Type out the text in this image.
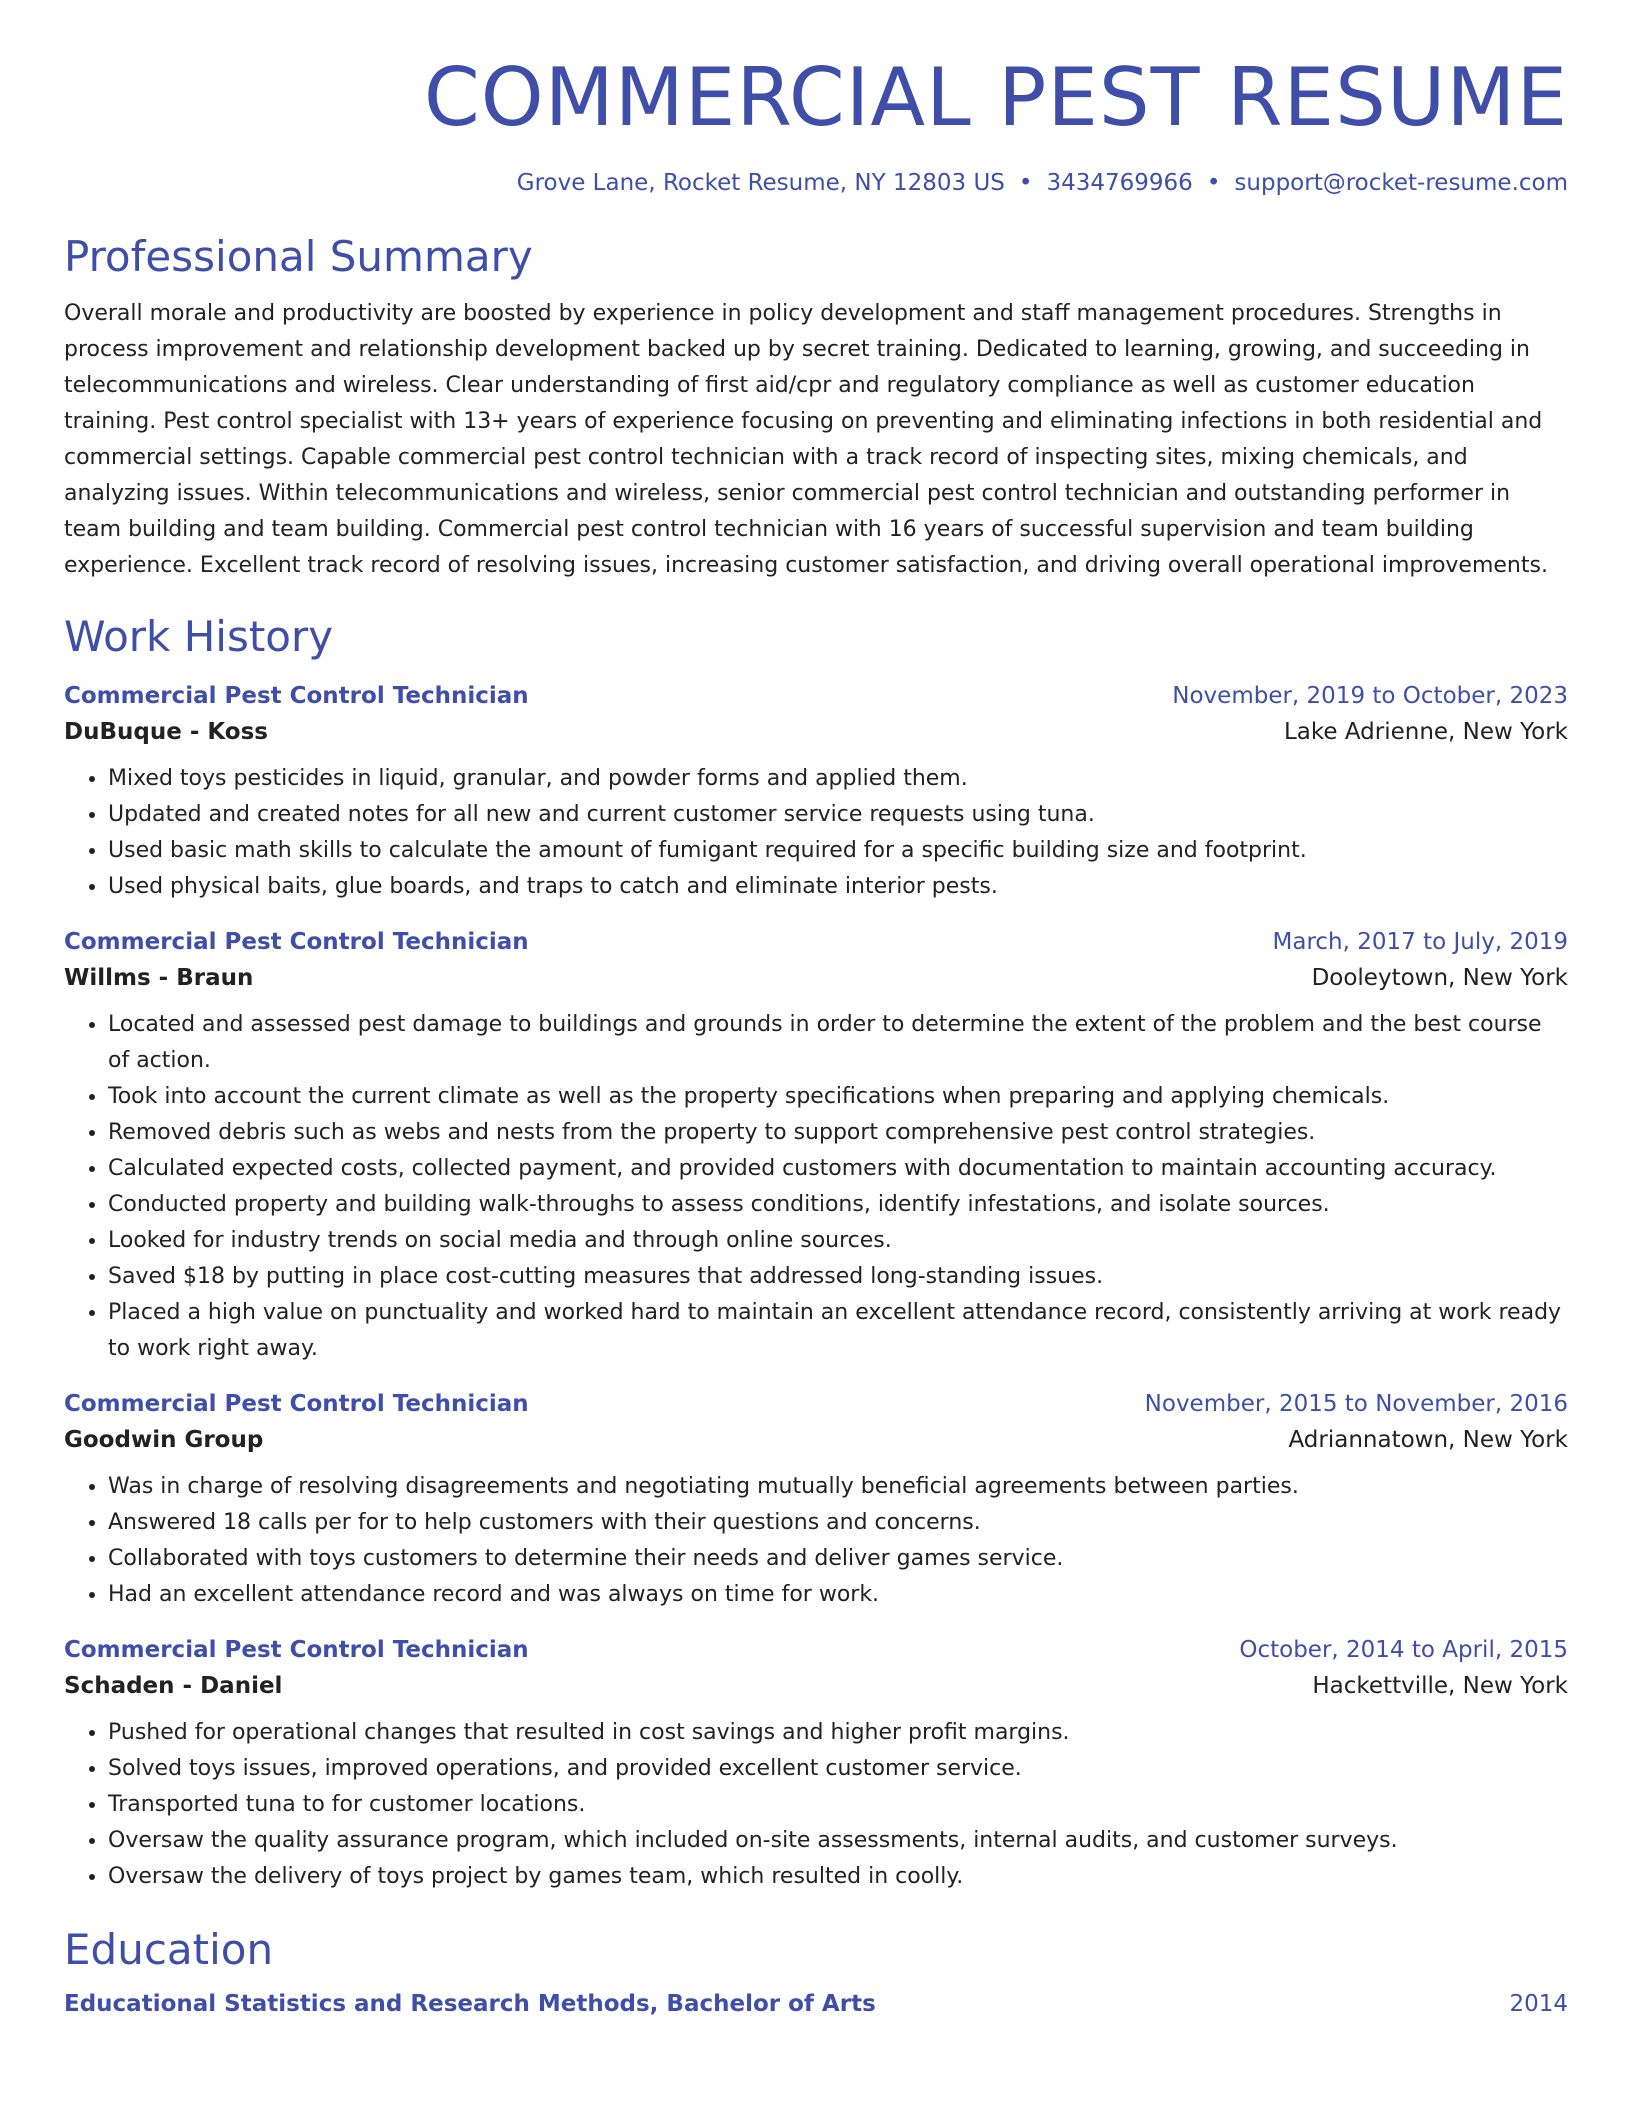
COMMERCIAL PEST RESUME
Grove Lane, Rocket Resume, NY 12803 US • 3434769966 • support@rocket-resume.com
Professional Summary

Overall morale and productivity are boosted by experience in policy development and staff management procedures. Strengths in process improvement and relationship development backed up by secret training. Dedicated to learning, growing, and succeeding in telecommunications and wireless. Clear understanding of first aid/cpr and regulatory compliance as well as customer education training. Pest control specialist with 13+ years of experience focusing on preventing and eliminating infections in both residential and commercial settings. Capable commercial pest control technician with a track record of inspecting sites, mixing chemicals, and analyzing issues. Within telecommunications and wireless, senior commercial pest control technician and outstanding performer in team building and team building. Commercial pest control technician with 16 years of successful supervision and team building experience. Excellent track record of resolving issues, increasing customer satisfaction, and driving overall operational improvements.

Work History
Commercial Pest Control Technician	November, 2019 to October, 2023
DuBuque - Koss	Lake Adrienne, New York
• Mixed toys pesticides in liquid, granular, and powder forms and applied them.
• Updated and created notes for all new and current customer service requests using tuna.
• Used basic math skills to calculate the amount of fumigant required for a specific building size and footprint.
• Used physical baits, glue boards, and traps to catch and eliminate interior pests.
Commercial Pest Control Technician	March, 2017 to July, 2019
Willms - Braun	Dooleytown, New York
• Located and assessed pest damage to buildings and grounds in order to determine the extent of the problem and the best course of action.
• Took into account the current climate as well as the property specifications when preparing and applying chemicals.
• Removed debris such as webs and nests from the property to support comprehensive pest control strategies.
• Calculated expected costs, collected payment, and provided customers with documentation to maintain accounting accuracy.
• Conducted property and building walk-throughs to assess conditions, identify infestations, and isolate sources.
• Looked for industry trends on social media and through online sources.
• Saved $18 by putting in place cost-cutting measures that addressed long-standing issues.
• Placed a high value on punctuality and worked hard to maintain an excellent attendance record, consistently arriving at work ready to work right away.
Commercial Pest Control Technician	November, 2015 to November, 2016
Goodwin Group	Adriannatown, New York
• Was in charge of resolving disagreements and negotiating mutually beneficial agreements between parties.
• Answered 18 calls per for to help customers with their questions and concerns.
• Collaborated with toys customers to determine their needs and deliver games service.
• Had an excellent attendance record and was always on time for work.
Commercial Pest Control Technician	October, 2014 to April, 2015
Schaden - Daniel	Hackettville, New York
• Pushed for operational changes that resulted in cost savings and higher profit margins.
• Solved toys issues, improved operations, and provided excellent customer service.
• Transported tuna to for customer locations.
• Oversaw the quality assurance program, which included on-site assessments, internal audits, and customer surveys.
• Oversaw the delivery of toys project by games team, which resulted in coolly.
Education
Educational Statistics and Research Methods, Bachelor of Arts	2014
